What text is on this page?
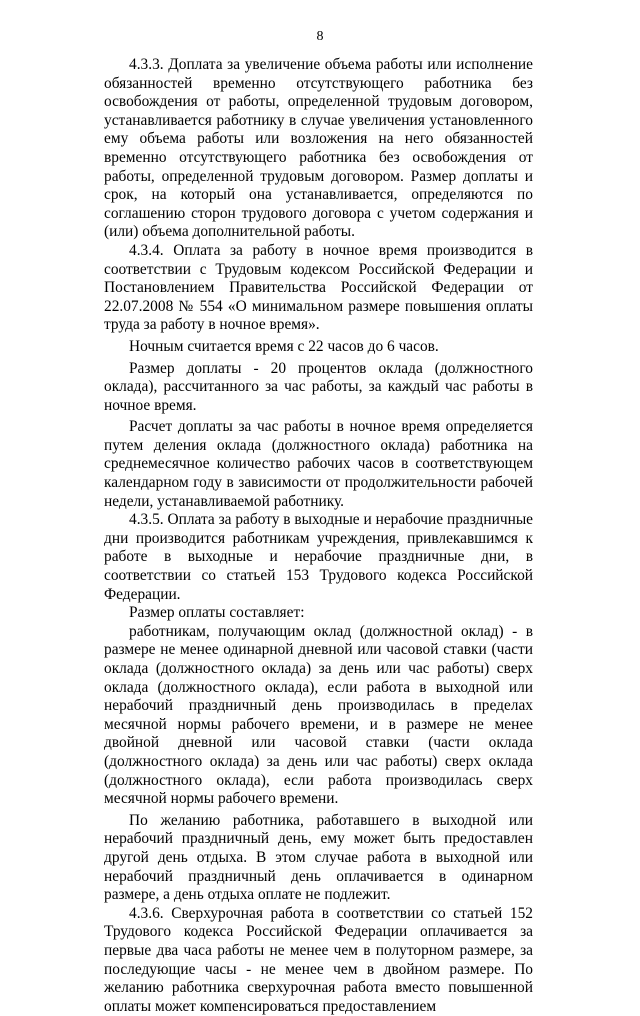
8

4.3.3. Доплата за увеличение объема работы или исполнение обязанностей временно отсутствующего работника без освобождения от работы, определенной трудовым договором, устанавливается работнику в случае увеличения установленного ему объема работы или возложения на него обязанностей временно отсутствующего работника без освобождения от работы, определенной трудовым договором. Размер доплаты и срок, на который она устанавливается, определяются по соглашению сторон трудового договора с учетом содержания и (или) объема дополнительной работы.

4.3.4. Оплата за работу в ночное время производится в соответствии с Трудовым кодексом Российской Федерации и Постановлением Правительства Российской Федерации от 22.07.2008 № 554 «О минимальном размере повышения оплаты труда за работу в ночное время».

Ночным считается время с 22 часов до 6 часов.

Размер доплаты - 20 процентов оклада (должностного оклада), рассчитанного за час работы, за каждый час работы в ночное время.

Расчет доплаты за час работы в ночное время определяется путем деления оклада (должностного оклада) работника на среднемесячное количество рабочих часов в соответствующем календарном году в зависимости от продолжительности рабочей недели, устанавливаемой работнику.

4.3.5. Оплата за работу в выходные и нерабочие праздничные дни производится работникам учреждения, привлекавшимся к работе в выходные и нерабочие праздничные дни, в соответствии со статьей 153 Трудового кодекса Российской Федерации.

Размер оплаты составляет:

работникам, получающим оклад (должностной оклад) - в размере не менее одинарной дневной или часовой ставки (части оклада (должностного оклада) за день или час работы) сверх оклада (должностного оклада), если работа в выходной или нерабочий праздничный день производилась в пределах месячной нормы рабочего времени, и в размере не менее двойной дневной или часовой ставки (части оклада (должностного оклада) за день или час работы) сверх оклада (должностного оклада), если работа производилась сверх месячной нормы рабочего времени.

По желанию работника, работавшего в выходной или нерабочий праздничный день, ему может быть предоставлен другой день отдыха. В этом случае работа в выходной или нерабочий праздничный день оплачивается в одинарном размере, а день отдыха оплате не подлежит.

4.3.6. Сверхурочная работа в соответствии со статьей 152 Трудового кодекса Российской Федерации оплачивается за первые два часа работы не менее чем в полуторном размере, за последующие часы - не менее чем в двойном размере. По желанию работника сверхурочная работа вместо повышенной оплаты может компенсироваться предоставлением
